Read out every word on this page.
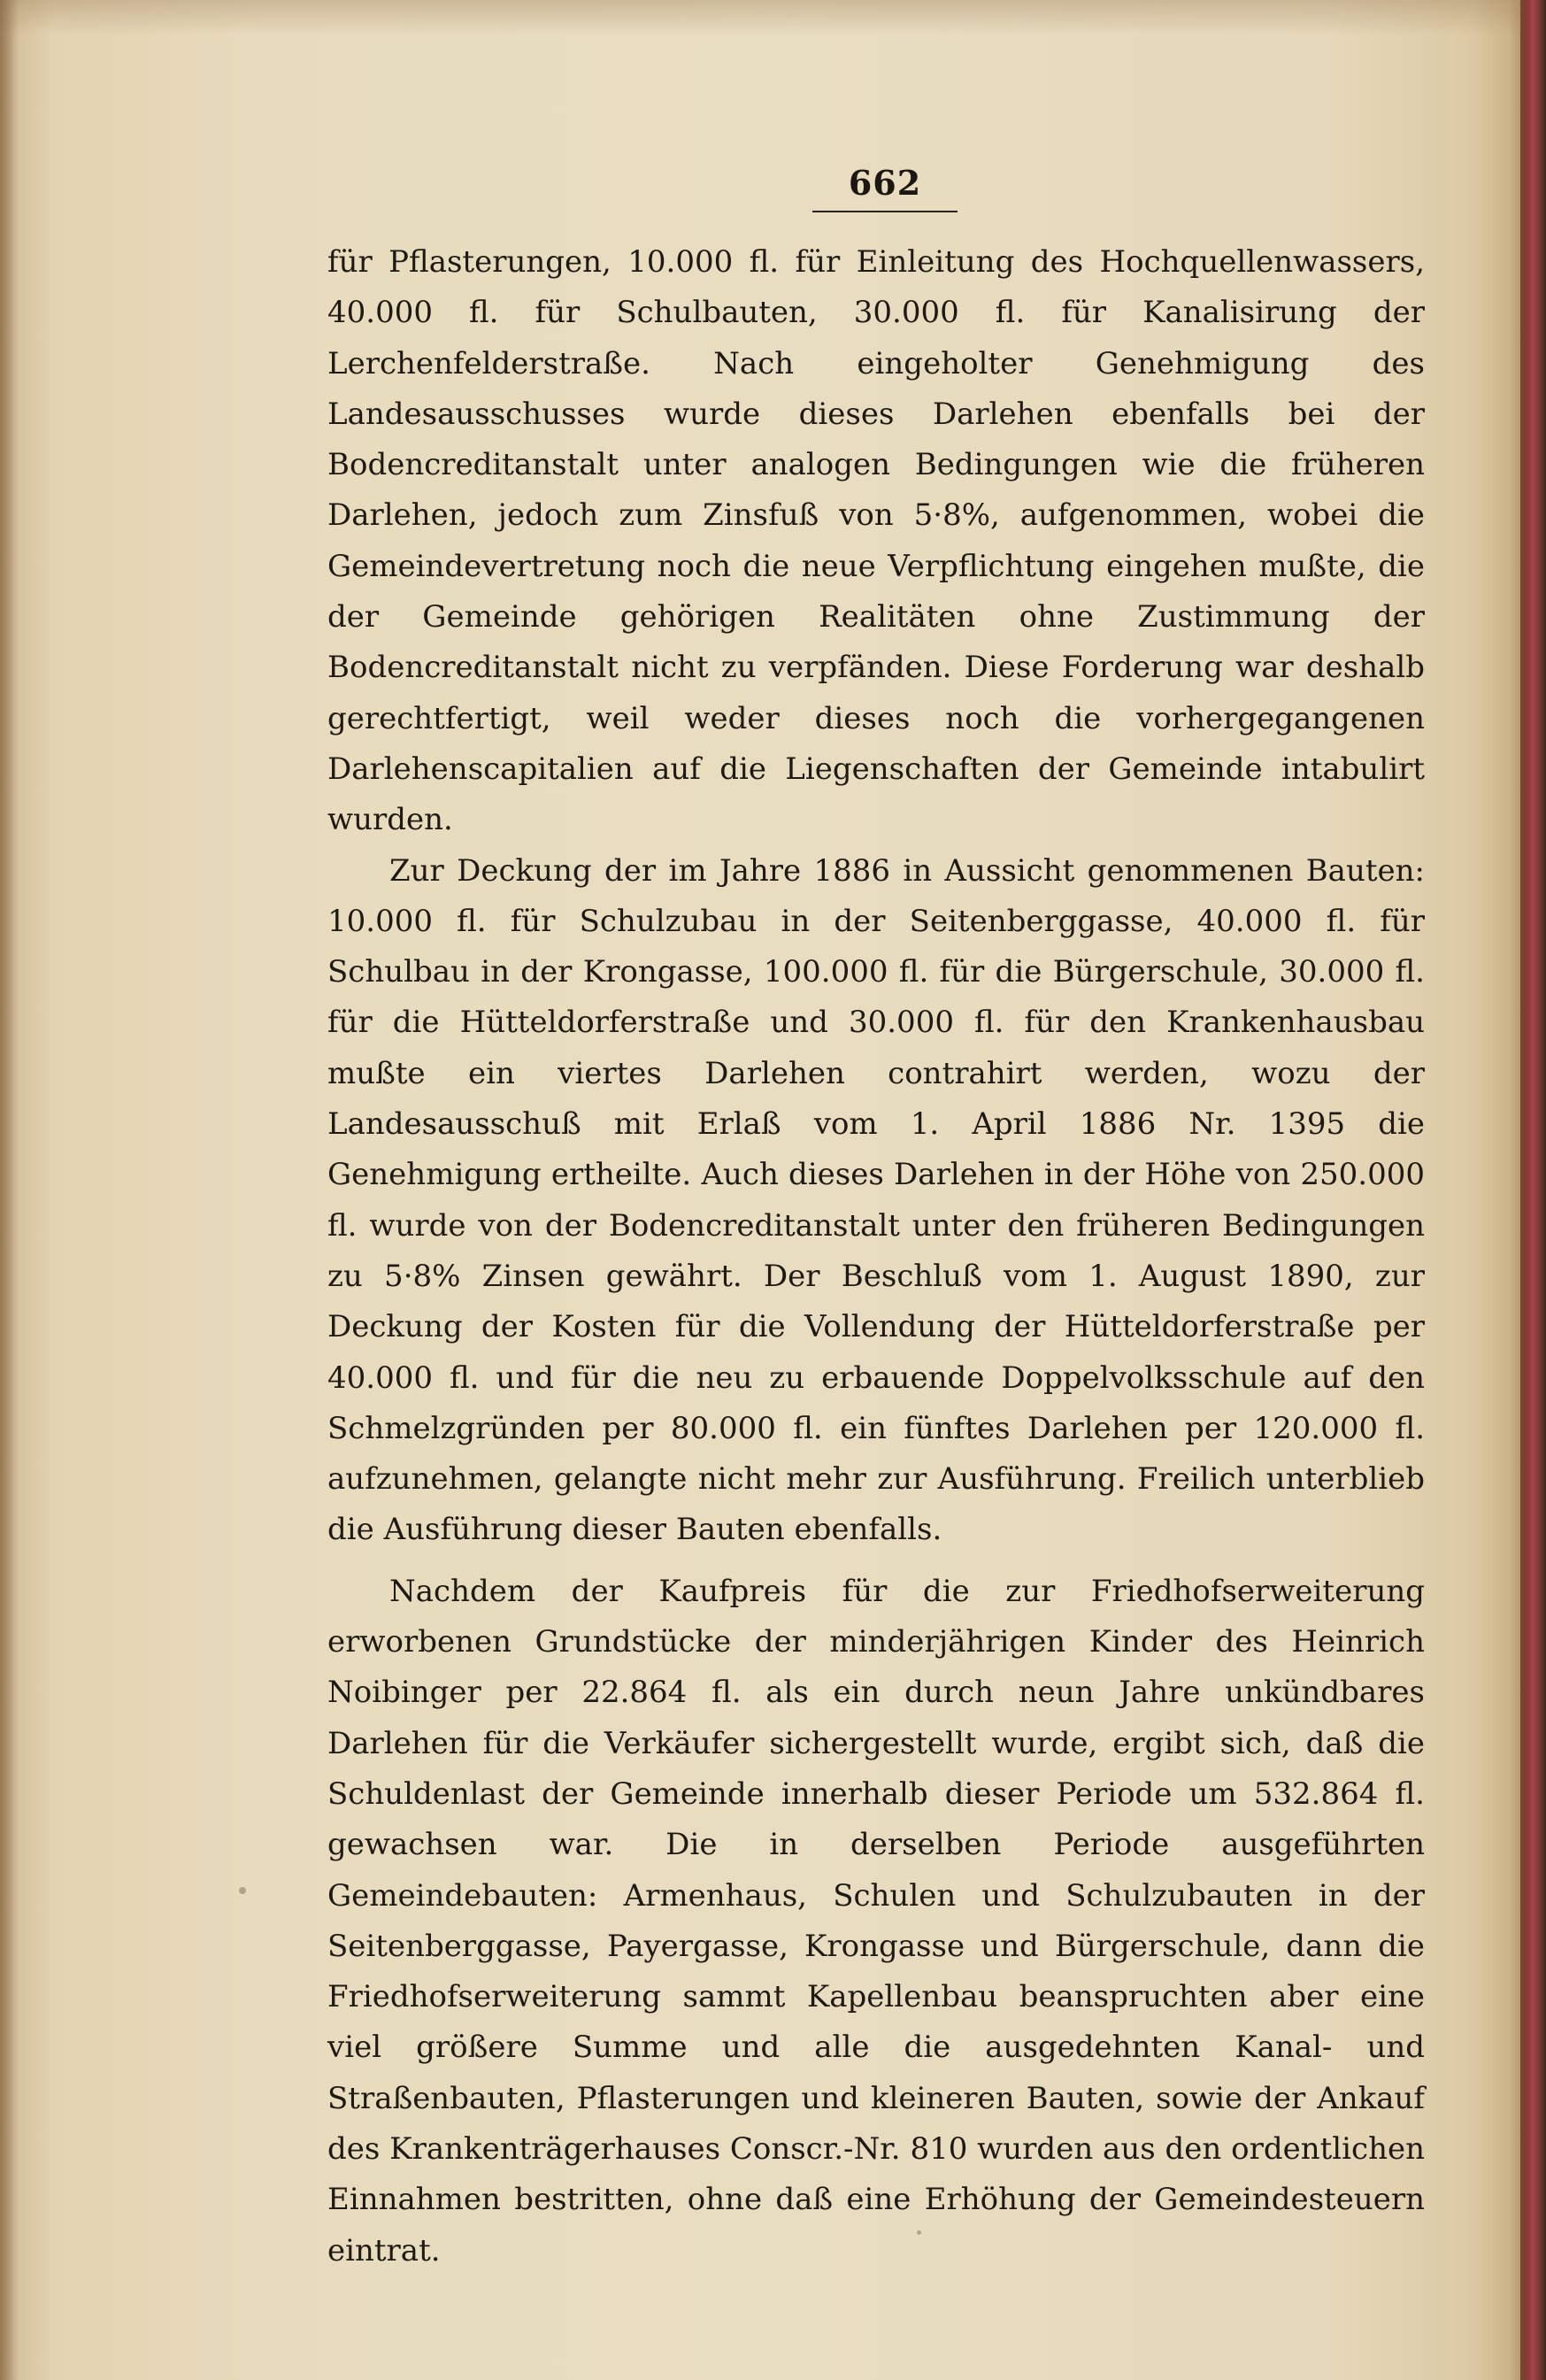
662

für Pflasterungen, 10.000 fl. für Einleitung des Hochquellenwassers, 40.000 fl. für Schulbauten, 30.000 fl. für Kanalisirung der Lerchenfelderstraße. Nach eingeholter Genehmigung des Landesausschusses wurde dieses Darlehen ebenfalls bei der Bodencreditanstalt unter analogen Bedingungen wie die früheren Darlehen, jedoch zum Zinsfuß von 5·8%, aufgenommen, wobei die Gemeindevertretung noch die neue Verpflichtung eingehen mußte, die der Gemeinde gehörigen Realitäten ohne Zustimmung der Bodencreditanstalt nicht zu verpfänden. Diese Forderung war deshalb gerechtfertigt, weil weder dieses noch die vorhergegangenen Darlehenscapitalien auf die Liegenschaften der Gemeinde intabulirt wurden.

Zur Deckung der im Jahre 1886 in Aussicht genommenen Bauten: 10.000 fl. für Schulzubau in der Seitenberggasse, 40.000 fl. für Schulbau in der Krongasse, 100.000 fl. für die Bürgerschule, 30.000 fl. für die Hütteldorferstraße und 30.000 fl. für den Krankenhausbau mußte ein viertes Darlehen contrahirt werden, wozu der Landesausschuß mit Erlaß vom 1. April 1886 Nr. 1395 die Genehmigung ertheilte. Auch dieses Darlehen in der Höhe von 250.000 fl. wurde von der Bodencreditanstalt unter den früheren Bedingungen zu 5·8% Zinsen gewährt. Der Beschluß vom 1. August 1890, zur Deckung der Kosten für die Vollendung der Hütteldorferstraße per 40.000 fl. und für die neu zu erbauende Doppelvolksschule auf den Schmelzgründen per 80.000 fl. ein fünftes Darlehen per 120.000 fl. aufzunehmen, gelangte nicht mehr zur Ausführung. Freilich unterblieb die Ausführung dieser Bauten ebenfalls.

Nachdem der Kaufpreis für die zur Friedhofserweiterung erworbenen Grundstücke der minderjährigen Kinder des Heinrich Noibinger per 22.864 fl. als ein durch neun Jahre unkündbares Darlehen für die Verkäufer sichergestellt wurde, ergibt sich, daß die Schuldenlast der Gemeinde innerhalb dieser Periode um 532.864 fl. gewachsen war. Die in derselben Periode ausgeführten Gemeindebauten: Armenhaus, Schulen und Schulzubauten in der Seitenberggasse, Payergasse, Krongasse und Bürgerschule, dann die Friedhofserweiterung sammt Kapellenbau beanspruchten aber eine viel größere Summe und alle die ausgedehnten Kanal- und Straßenbauten, Pflasterungen und kleineren Bauten, sowie der Ankauf des Krankenträgerhauses Conscr.-Nr. 810 wurden aus den ordentlichen Einnahmen bestritten, ohne daß eine Erhöhung der Gemeindesteuern eintrat.
